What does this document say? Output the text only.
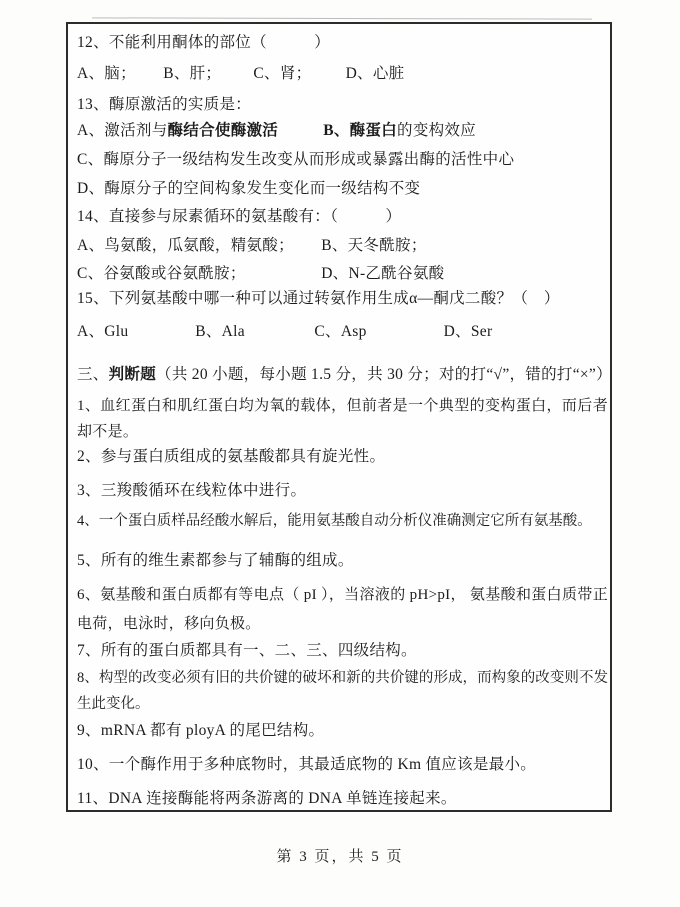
12、不能利用酮体的部位（　　　）
A、脑； B、肝； C、肾； D、心脏
13、酶原激活的实质是：
A、激活剂与酶结合使酶激活	B、酶蛋白的变构效应
C、酶原分子一级结构发生改变从而形成或暴露出酶的活性中心
D、酶原分子的空间构象发生变化而一级结构不变
14、直接参与尿素循环的氨基酸有：（　　　）
A、鸟氨酸，瓜氨酸，精氨酸； B、天冬酰胺；
C、谷氨酸或谷氨酰胺；	D、N-乙酰谷氨酸
15、下列氨基酸中哪一种可以通过转氨作用生成α—酮戊二酸？（　）
A、Glu	B、Ala	C、Asp	D、Ser
三、判断题（共 20 小题，每小题 1.5 分，共 30 分；对的打“√”，错的打“×”）
1、血红蛋白和肌红蛋白均为氧的载体，但前者是一个典型的变构蛋白，而后者却不是。
2、参与蛋白质组成的氨基酸都具有旋光性。
3、三羧酸循环在线粒体中进行。
4、一个蛋白质样品经酸水解后，能用氨基酸自动分析仪准确测定它所有氨基酸。
5、所有的维生素都参与了辅酶的组成。
6、氨基酸和蛋白质都有等电点（ pI ），当溶液的 pH>pI， 氨基酸和蛋白质带正电荷，电泳时，移向负极。
7、所有的蛋白质都具有一、二、三、四级结构。
8、构型的改变必须有旧的共价键的破坏和新的共价键的形成，而构象的改变则不发生此变化。
9、mRNA 都有 ployA 的尾巴结构。
10、一个酶作用于多种底物时，其最适底物的 Km 值应该是最小。
11、DNA 连接酶能将两条游离的 DNA 单链连接起来。
第 3 页，共 5 页
